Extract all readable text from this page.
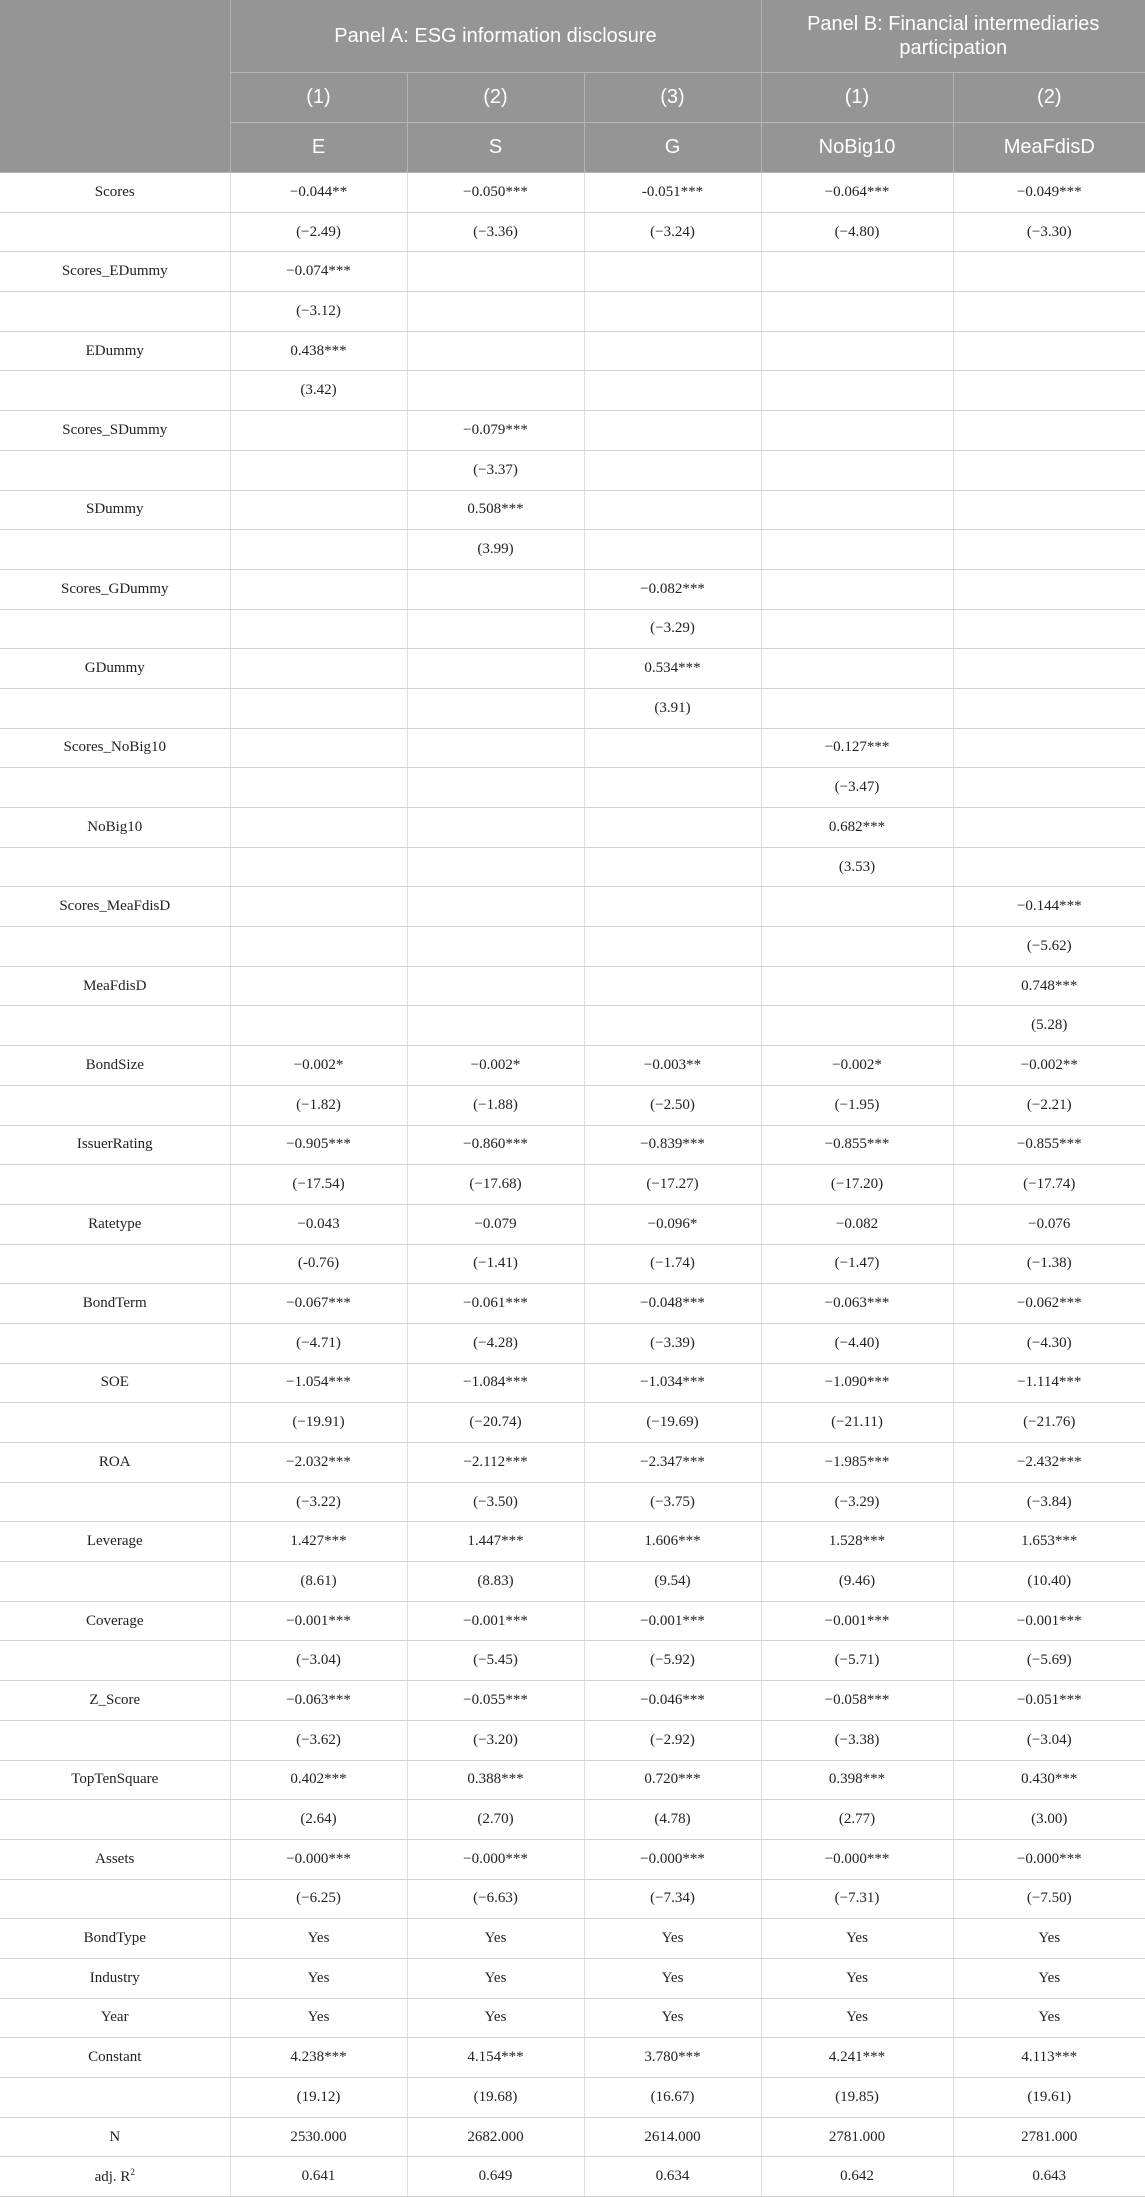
	Panel A: ESG information disclosure			Panel B: Financial intermediaries participation	
	(1)	(2)	(3)	(1)	(2)
	E	S	G	NoBig10	MeaFdisD
Scores	−0.044**	−0.050***	-0.051***	−0.064***	−0.049***
	(−2.49)	(−3.36)	(−3.24)	(−4.80)	(−3.30)
Scores_EDummy	−0.074***				
	(−3.12)				
EDummy	0.438***				
	(3.42)				
Scores_SDummy		−0.079***			
		(−3.37)			
SDummy		0.508***			
		(3.99)			
Scores_GDummy			−0.082***		
			(−3.29)		
GDummy			0.534***		
			(3.91)		
Scores_NoBig10				−0.127***	
				(−3.47)	
NoBig10				0.682***	
				(3.53)	
Scores_MeaFdisD					−0.144***
					(−5.62)
MeaFdisD					0.748***
					(5.28)
BondSize	−0.002*	−0.002*	−0.003**	−0.002*	−0.002**
	(−1.82)	(−1.88)	(−2.50)	(−1.95)	(−2.21)
IssuerRating	−0.905***	−0.860***	−0.839***	−0.855***	−0.855***
	(−17.54)	(−17.68)	(−17.27)	(−17.20)	(−17.74)
Ratetype	−0.043	−0.079	−0.096*	−0.082	−0.076
	(-0.76)	(−1.41)	(−1.74)	(−1.47)	(−1.38)
BondTerm	−0.067***	−0.061***	−0.048***	−0.063***	−0.062***
	(−4.71)	(−4.28)	(−3.39)	(−4.40)	(−4.30)
SOE	−1.054***	−1.084***	−1.034***	−1.090***	−1.114***
	(−19.91)	(−20.74)	(−19.69)	(−21.11)	(−21.76)
ROA	−2.032***	−2.112***	−2.347***	−1.985***	−2.432***
	(−3.22)	(−3.50)	(−3.75)	(−3.29)	(−3.84)
Leverage	1.427***	1.447***	1.606***	1.528***	1.653***
	(8.61)	(8.83)	(9.54)	(9.46)	(10.40)
Coverage	−0.001***	−0.001***	−0.001***	−0.001***	−0.001***
	(−3.04)	(−5.45)	(−5.92)	(−5.71)	(−5.69)
Z_Score	−0.063***	−0.055***	−0.046***	−0.058***	−0.051***
	(−3.62)	(−3.20)	(−2.92)	(−3.38)	(−3.04)
TopTenSquare	0.402***	0.388***	0.720***	0.398***	0.430***
	(2.64)	(2.70)	(4.78)	(2.77)	(3.00)
Assets	−0.000***	−0.000***	−0.000***	−0.000***	−0.000***
	(−6.25)	(−6.63)	(−7.34)	(−7.31)	(−7.50)
BondType	Yes	Yes	Yes	Yes	Yes
Industry	Yes	Yes	Yes	Yes	Yes
Year	Yes	Yes	Yes	Yes	Yes
Constant	4.238***	4.154***	3.780***	4.241***	4.113***
	(19.12)	(19.68)	(16.67)	(19.85)	(19.61)
N	2530.000	2682.000	2614.000	2781.000	2781.000
adj. $R^2$	0.641	0.649	0.634	0.642	0.643
